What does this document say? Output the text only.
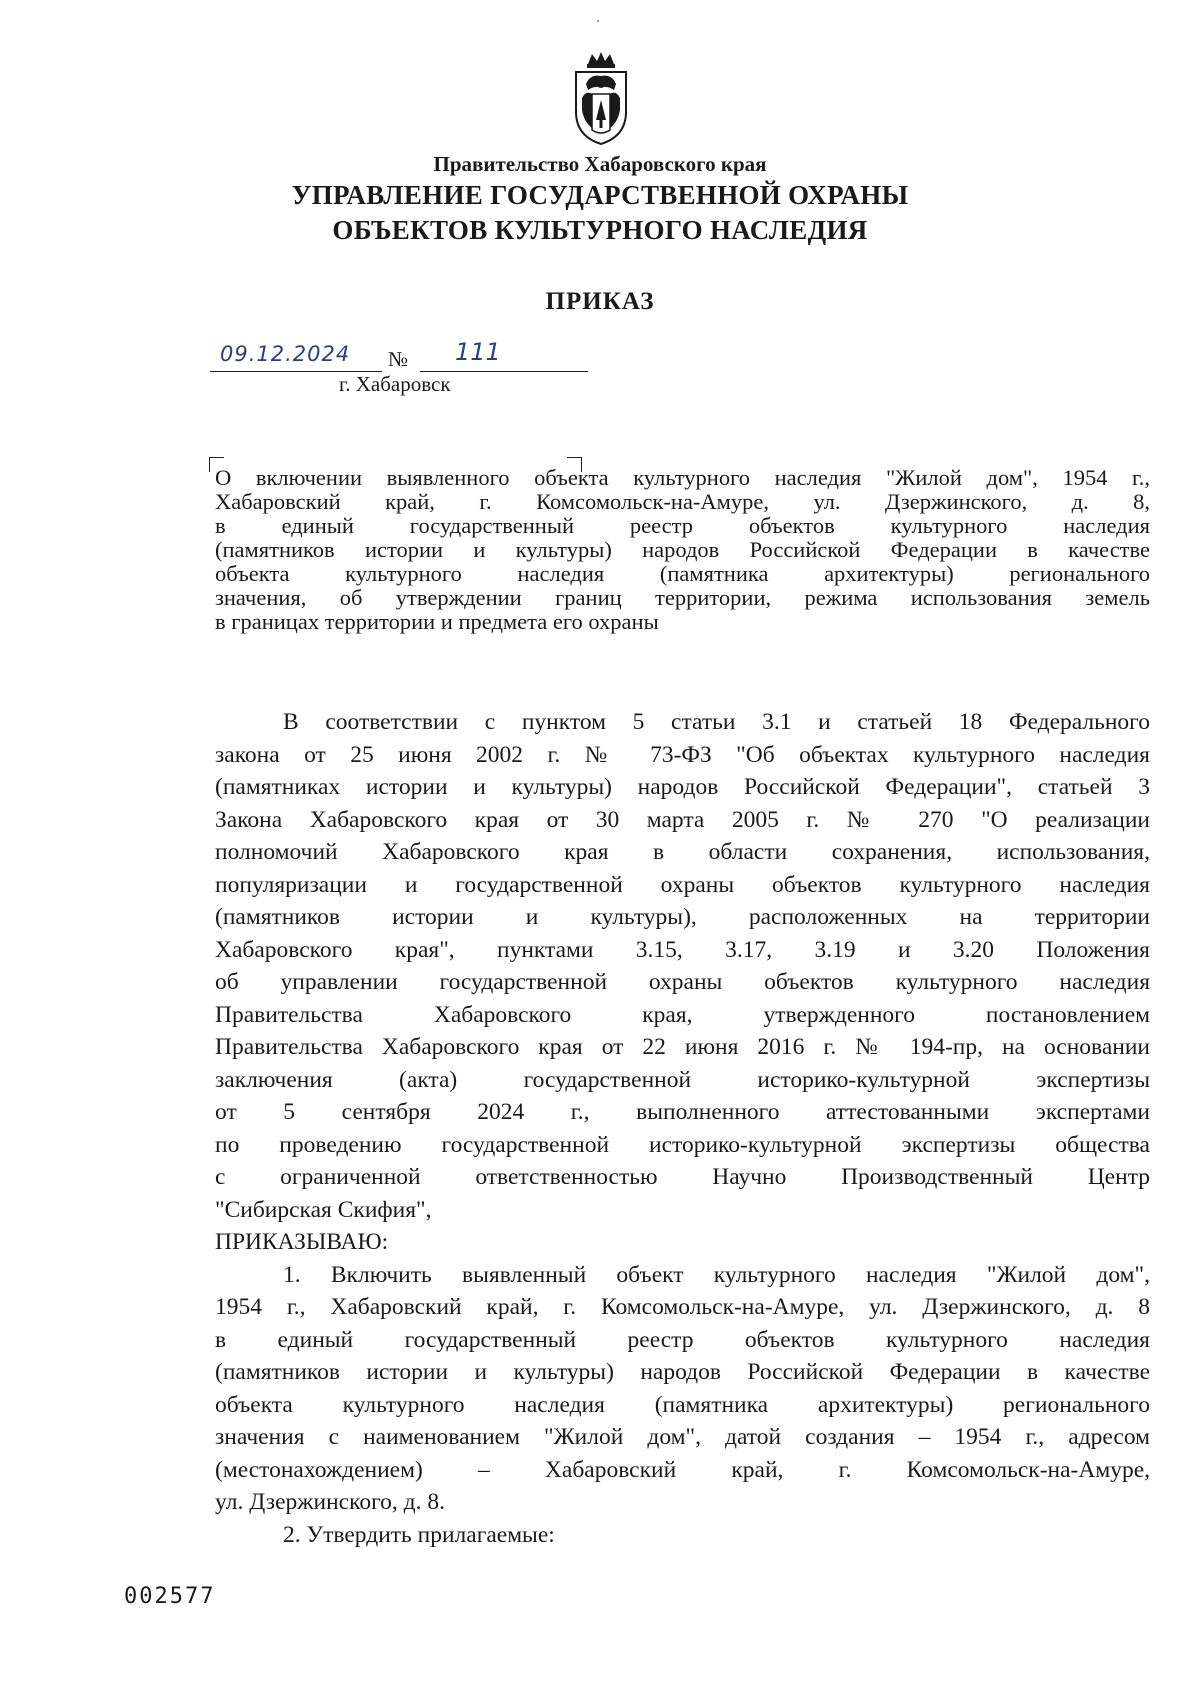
Правительство Хабаровского края

УПРАВЛЕНИЕ ГОСУДАРСТВЕННОЙ ОХРАНЫ

ОБЪЕКТОВ КУЛЬТУРНОГО НАСЛЕДИЯ

ПРИКАЗ

09.12.2024 № 111
г. Хабаровск

О включении выявленного объекта культурного наследия "Жилой дом", 1954 г.,
Хабаровский край, г. Комсомольск-на-Амуре, ул. Дзержинского, д. 8,
в единый государственный реестр объектов культурного наследия
(памятников истории и культуры) народов Российской Федерации в качестве
объекта культурного наследия (памятника архитектуры) регионального
значения, об утверждении границ территории, режима использования земель
в границах территории и предмета его охраны

В соответствии с пунктом 5 статьи 3.1 и статьей 18 Федерального
закона от 25 июня 2002 г. № 73-ФЗ "Об объектах культурного наследия
(памятниках истории и культуры) народов Российской Федерации", статьей 3
Закона Хабаровского края от 30 марта 2005 г. № 270 "О реализации
полномочий Хабаровского края в области сохранения, использования,
популяризации и государственной охраны объектов культурного наследия
(памятников истории и культуры), расположенных на территории
Хабаровского края", пунктами 3.15, 3.17, 3.19 и 3.20 Положения
об управлении государственной охраны объектов культурного наследия
Правительства Хабаровского края, утвержденного постановлением
Правительства Хабаровского края от 22 июня 2016 г. № 194-пр, на основании
заключения (акта) государственной историко-культурной экспертизы
от 5 сентября 2024 г., выполненного аттестованными экспертами
по проведению государственной историко-культурной экспертизы общества
с ограниченной ответственностью Научно Производственный Центр
"Сибирская Скифия",
ПРИКАЗЫВАЮ:
1. Включить выявленный объект культурного наследия "Жилой дом",
1954 г., Хабаровский край, г. Комсомольск-на-Амуре, ул. Дзержинского, д. 8
в единый государственный реестр объектов культурного наследия
(памятников истории и культуры) народов Российской Федерации в качестве
объекта культурного наследия (памятника архитектуры) регионального
значения с наименованием "Жилой дом", датой создания – 1954 г., адресом
(местонахождением) – Хабаровский край, г. Комсомольск-на-Амуре,
ул. Дзержинского, д. 8.
2. Утвердить прилагаемые:

002577
